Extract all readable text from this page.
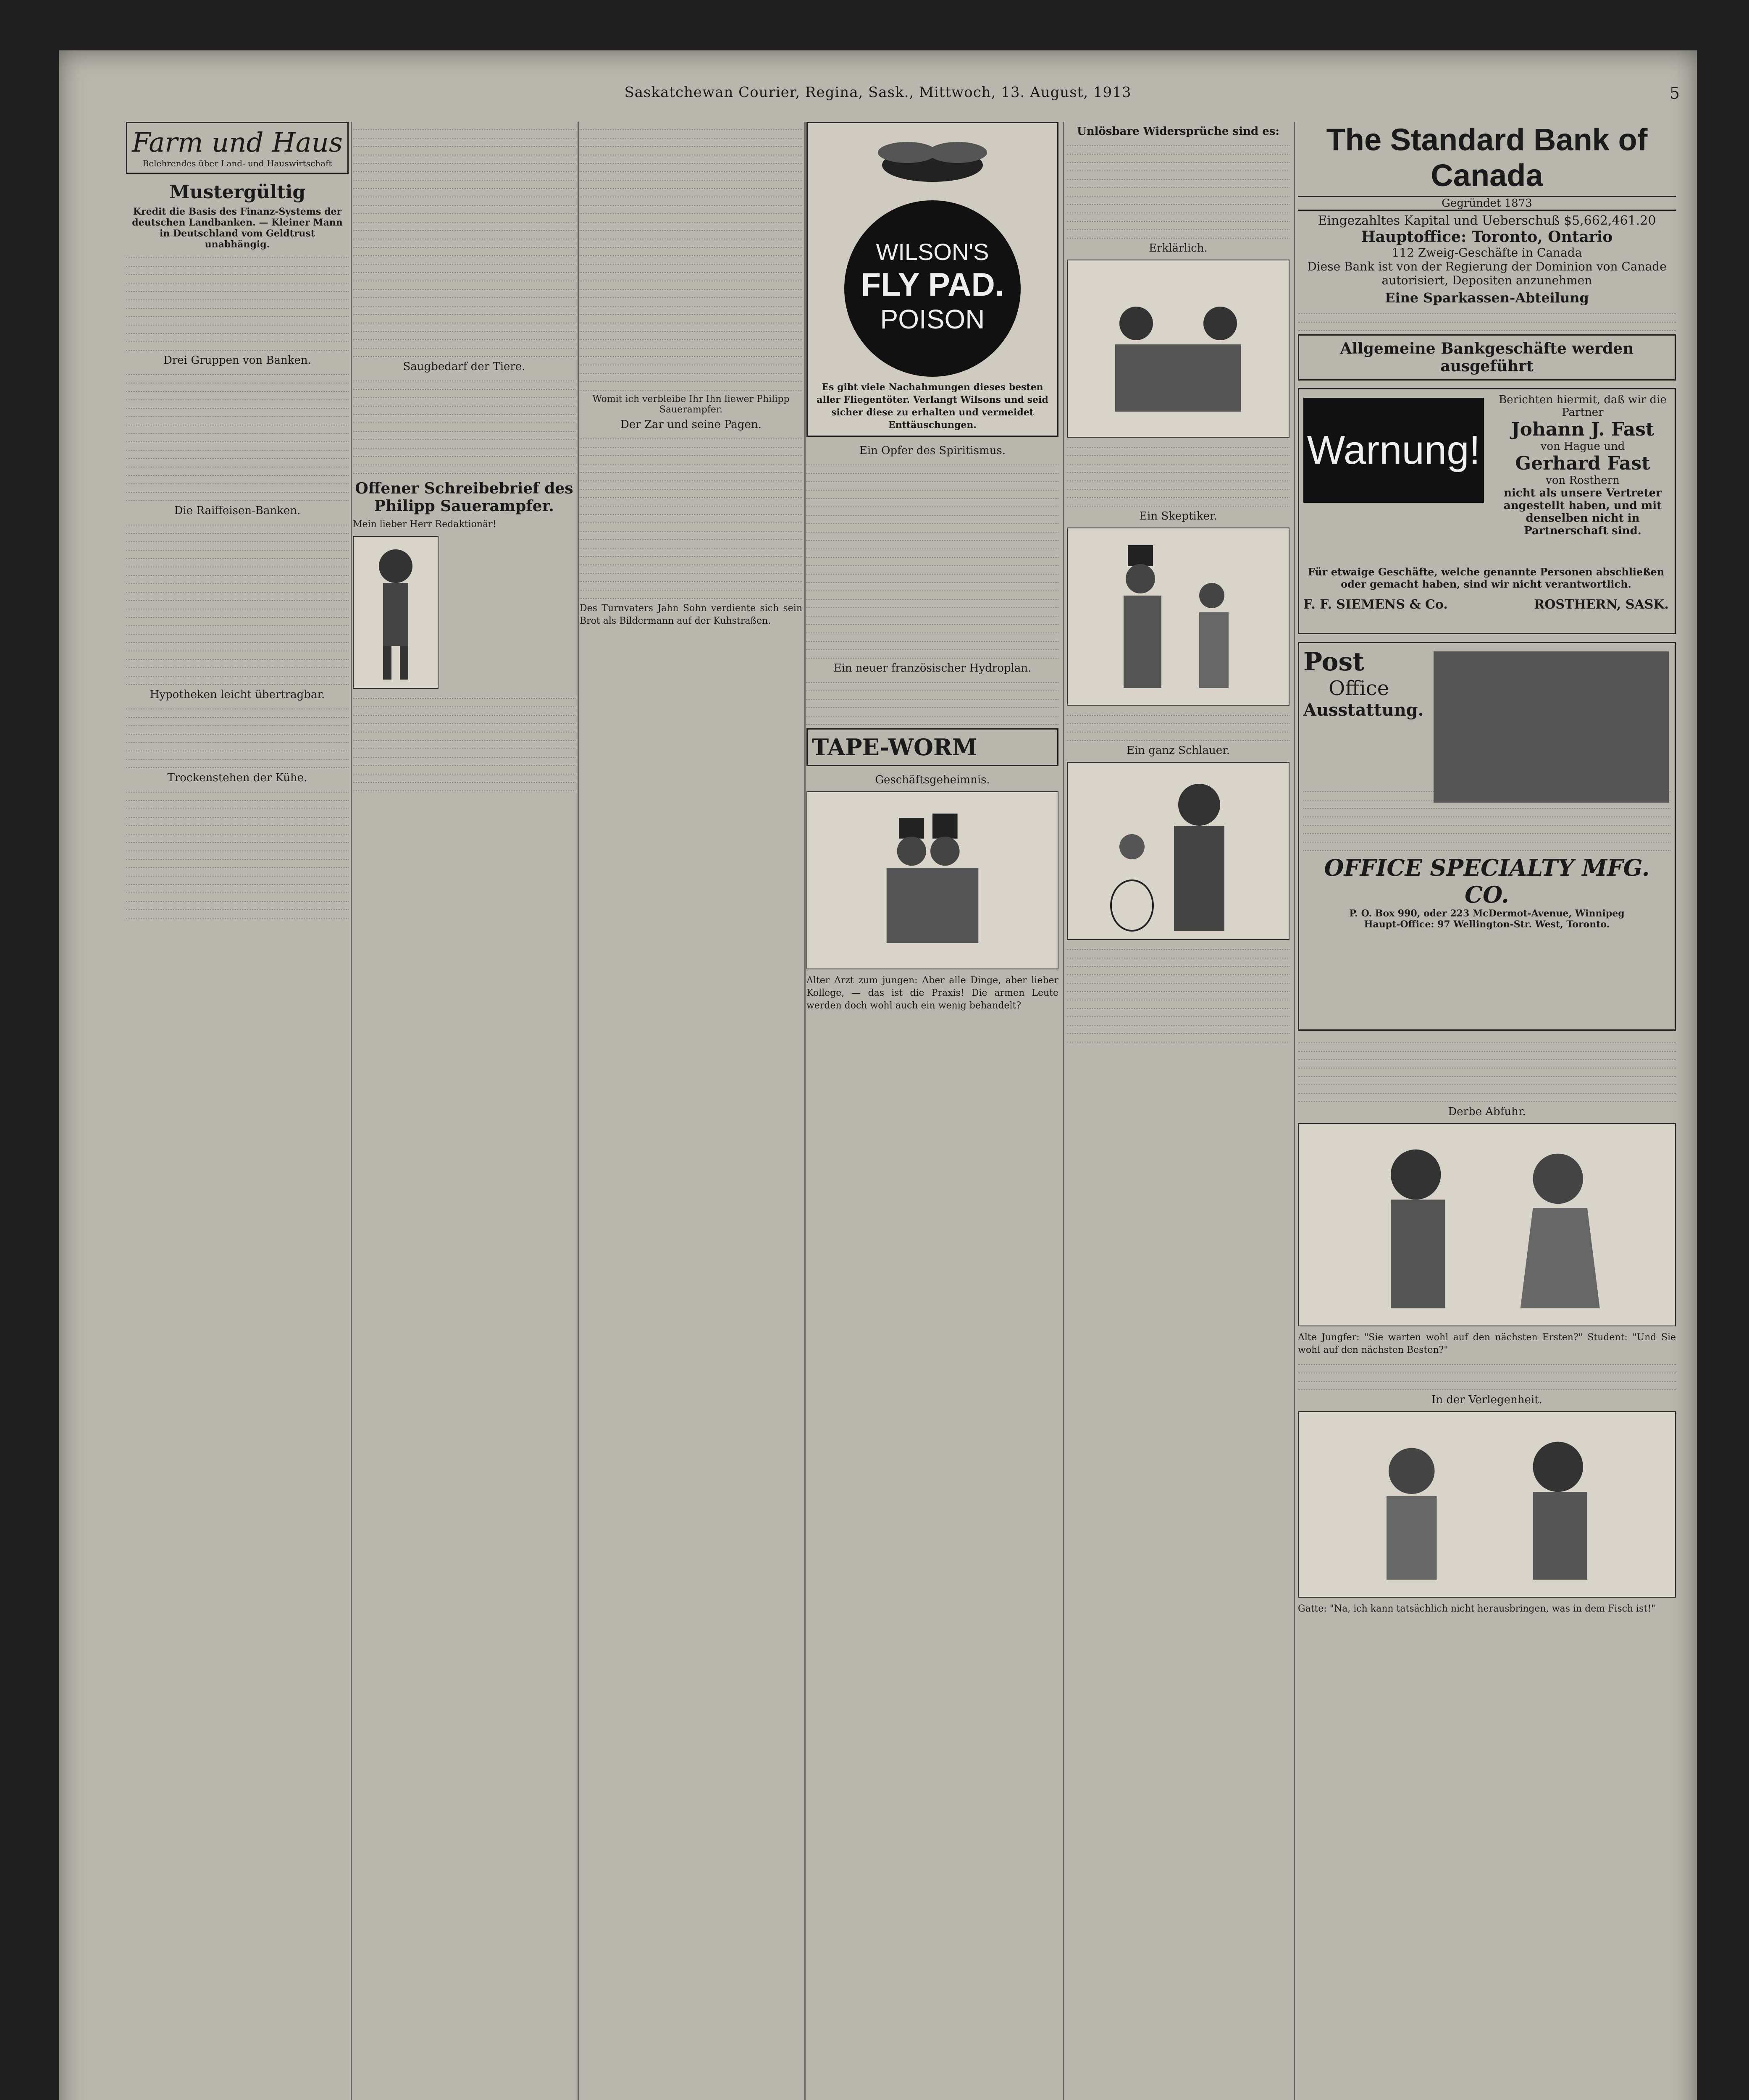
Saskatchewan Courier, Regina, Sask., Mittwoch, 13. August, 1913	5
Farm und Haus
Belehrendes über Land- und Hauswirtschaft
Mustergültig
Kredit die Basis des Finanz-Systems der deutschen Landbanken. — Kleiner Mann in Deutschland vom Geldtrust unabhängig.
Drei Gruppen von Banken.
Die Raiffeisen-Banken.
Hypotheken leicht übertragbar.
Trockenstehen der Kühe.
Saugbedarf der Tiere.
Offener Schreibebrief des Philipp Sauerampfer.
Mein lieber Herr Redaktionär!
Womit ich verbleibe Ihr Ihn liewer Philipp Sauerampfer.
Der Zar und seine Pagen.
Des Turnvaters Jahn Sohn verdiente sich sein Brot als Bildermann auf der Kuhstraßen.
WILSON'S
FLY PAD.
POISON
Es gibt viele Nachahmungen dieses besten aller Fliegentöter. Verlangt Wilsons und seid sicher diese zu erhalten und vermeidet Enttäuschungen.
Ein Opfer des Spiritismus.
Ein neuer französischer Hydroplan.
TAPE-WORM
Geschäftsgeheimnis.
Alter Arzt zum jungen: Aber alle Dinge, aber lieber Kollege, — das ist die Praxis! Die armen Leute werden doch wohl auch ein wenig behandelt?
Unlösbare Widersprüche sind es:
Erklärlich.
Ein Skeptiker.
Ein ganz Schlauer.
The Standard Bank of Canada
Gegründet 1873
Eingezahltes Kapital und Ueberschuß $5,662,461.20
Hauptoffice: Toronto, Ontario
112 Zweig-Geschäfte in Canada
Diese Bank ist von der Regierung der Dominion von Canade autorisiert, Depositen anzunehmen
Eine Sparkassen-Abteilung
Allgemeine Bankgeschäfte werden ausgeführt
Warnung!
Berichten hiermit, daß wir die Partner
Johann J. Fast
von Hague und
Gerhard Fast
von Rosthern
nicht als unsere Vertreter angestellt haben, und mit denselben nicht in Partnerschaft sind.
Für etwaige Geschäfte, welche genannte Personen abschließen oder gemacht haben, sind wir nicht verantwortlich.
F. F. SIEMENS & Co.	ROSTHERN, SASK.
Post
Office
Ausstattung.
OFFICE SPECIALTY MFG. CO.
P. O. Box 990, oder 223 McDermot-Avenue, Winnipeg
Haupt-Office: 97 Wellington-Str. West, Toronto.
Derbe Abfuhr.
Alte Jungfer: "Sie warten wohl auf den nächsten Ersten?" Student: "Und Sie wohl auf den nächsten Besten?"
In der Verlegenheit.
Gatte: "Na, ich kann tatsächlich nicht herausbringen, was in dem Fisch ist!"
